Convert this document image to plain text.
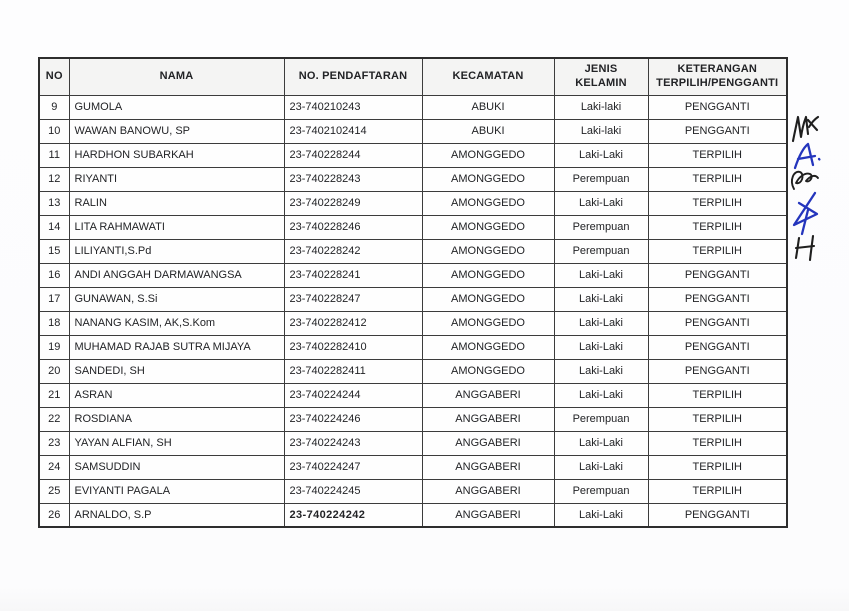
NO	NAMA	NO. PENDAFTARAN	KECAMATAN	JENIS KELAMIN	KETERANGAN TERPILIH/PENGGANTI
9	GUMOLA	23-740210243	ABUKI	Laki-laki	PENGGANTI
10	WAWAN BANOWU, SP	23-7402102414	ABUKI	Laki-laki	PENGGANTI
11	HARDHON SUBARKAH	23-740228244	AMONGGEDO	Laki-Laki	TERPILIH
12	RIYANTI	23-740228243	AMONGGEDO	Perempuan	TERPILIH
13	RALIN	23-740228249	AMONGGEDO	Laki-Laki	TERPILIH
14	LITA RAHMAWATI	23-740228246	AMONGGEDO	Perempuan	TERPILIH
15	LILIYANTI,S.Pd	23-740228242	AMONGGEDO	Perempuan	TERPILIH
16	ANDI ANGGAH DARMAWANGSA	23-740228241	AMONGGEDO	Laki-Laki	PENGGANTI
17	GUNAWAN, S.Si	23-740228247	AMONGGEDO	Laki-Laki	PENGGANTI
18	NANANG KASIM, AK,S.Kom	23-7402282412	AMONGGEDO	Laki-Laki	PENGGANTI
19	MUHAMAD RAJAB SUTRA MIJAYA	23-7402282410	AMONGGEDO	Laki-Laki	PENGGANTI
20	SANDEDI, SH	23-7402282411	AMONGGEDO	Laki-Laki	PENGGANTI
21	ASRAN	23-740224244	ANGGABERI	Laki-Laki	TERPILIH
22	ROSDIANA	23-740224246	ANGGABERI	Perempuan	TERPILIH
23	YAYAN ALFIAN, SH	23-740224243	ANGGABERI	Laki-Laki	TERPILIH
24	SAMSUDDIN	23-740224247	ANGGABERI	Laki-Laki	TERPILIH
25	EVIYANTI PAGALA	23-740224245	ANGGABERI	Perempuan	TERPILIH
26	ARNALDO, S.P	23-740224242	ANGGABERI	Laki-Laki	PENGGANTI
